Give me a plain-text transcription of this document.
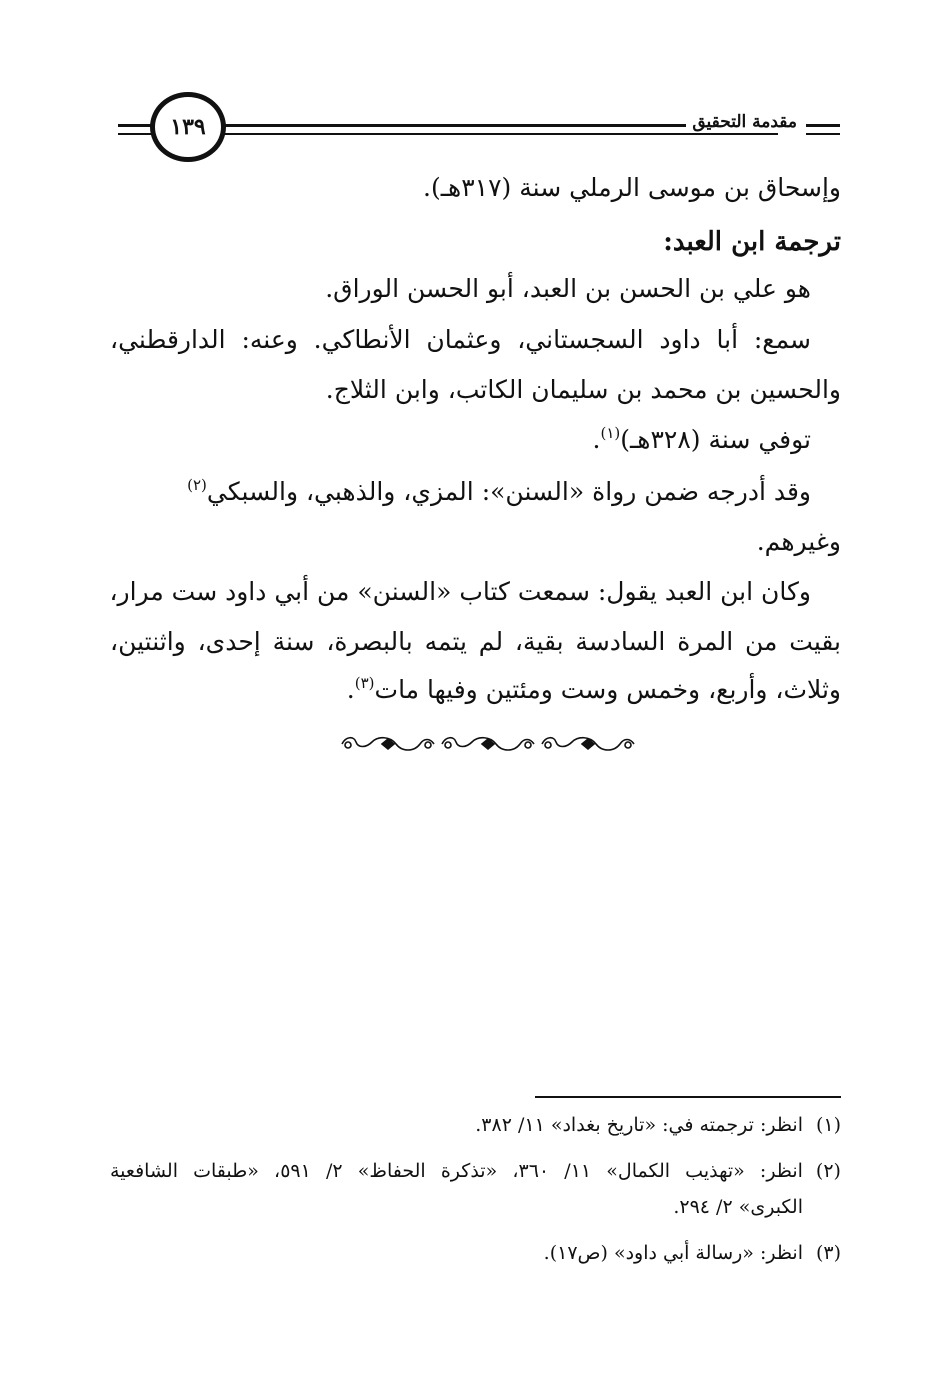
١٣٩	مقدمة التحقيق
وإسحاق بن موسى الرملي سنة (٣١٧هـ).
ترجمة ابن العبد:
هو علي بن الحسن بن العبد، أبو الحسن الوراق.
سمع: أبا داود السجستاني، وعثمان الأنطاكي. وعنه: الدارقطني،
والحسين بن محمد بن سليمان الكاتب، وابن الثلاج.
توفي سنة (٣٢٨هـ)$^{(١)}$.
وقد أدرجه ضمن رواة «السنن»: المزي، والذهبي، والسبكي$^{(٢)}$
وغيرهم.
وكان ابن العبد يقول: سمعت كتاب «السنن» من أبي داود ست مرار،
بقيت من المرة السادسة بقية، لم يتمه بالبصرة، سنة إحدى، واثنتين،
وثلاث، وأربع، وخمس وست ومئتين وفيها مات$^{(٣)}$.
(١)انظر: ترجمته في: «تاريخ بغداد» ١١/ ٣٨٢.
(٢)انظر: «تهذيب الكمال» ١١/ ٣٦٠، «تذكرة الحفاظ» ٢/ ٥٩١، «طبقات الشافعية
الكبرى» ٢/ ٢٩٤.
(٣)انظر: «رسالة أبي داود» (ص١٧).
